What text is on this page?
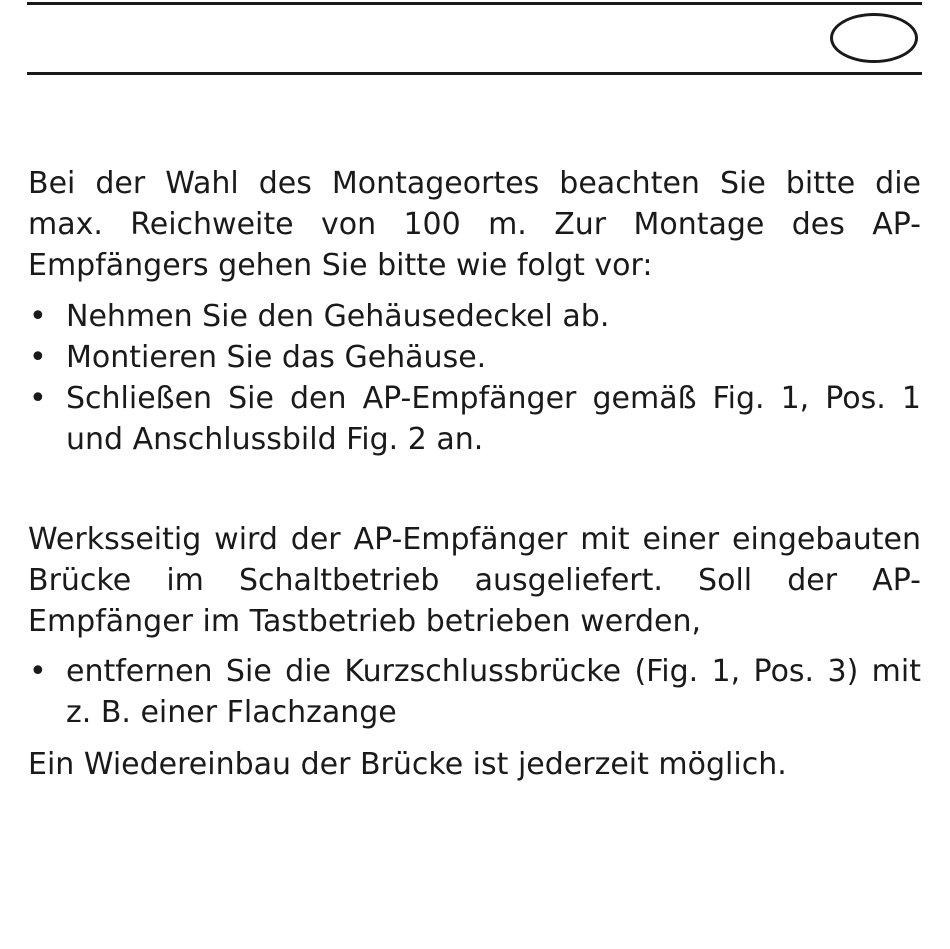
Bei der Wahl des Montageortes beachten Sie bitte die max. Reichweite von 100 m. Zur Montage des AP-Empfängers gehen Sie bitte wie folgt vor:

• Nehmen Sie den Gehäusedeckel ab.
• Montieren Sie das Gehäuse.
• Schließen Sie den AP-Empfänger gemäß Fig. 1, Pos. 1 und Anschlussbild Fig. 2 an.

Werksseitig wird der AP-Empfänger mit einer eingebauten Brücke im Schaltbetrieb ausgeliefert. Soll der AP-Empfänger im Tastbetrieb betrieben werden,

• entfernen Sie die Kurzschlussbrücke (Fig. 1, Pos. 3) mit z. B. einer Flachzange

Ein Wiedereinbau der Brücke ist jederzeit möglich.
